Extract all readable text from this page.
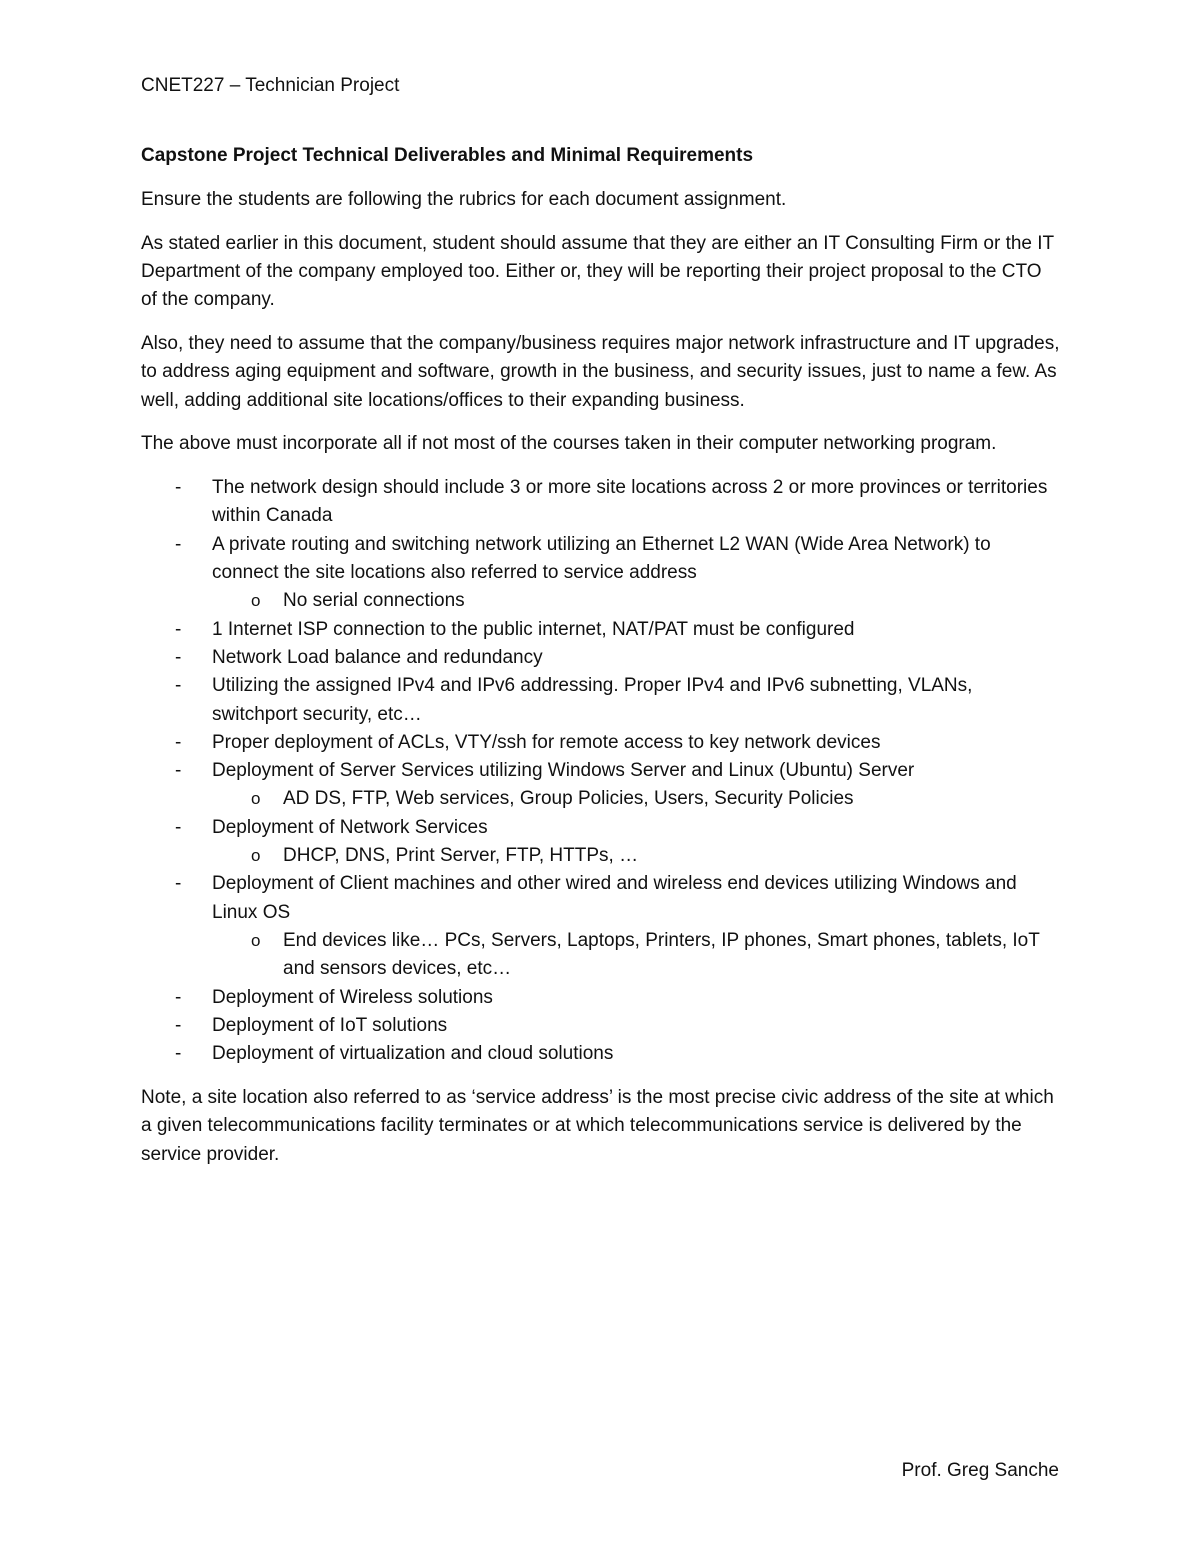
CNET227 – Technician Project

Capstone Project Technical Deliverables and Minimal Requirements

Ensure the students are following the rubrics for each document assignment.

As stated earlier in this document, student should assume that they are either an IT Consulting Firm or the IT Department of the company employed too. Either or, they will be reporting their project proposal to the CTO of the company.

Also, they need to assume that the company/business requires major network infrastructure and IT upgrades, to address aging equipment and software, growth in the business, and security issues, just to name a few. As well, adding additional site locations/offices to their expanding business.

The above must incorporate all if not most of the courses taken in their computer networking program.

- The network design should include 3 or more site locations across 2 or more provinces or territories within Canada
- A private routing and switching network utilizing an Ethernet L2 WAN (Wide Area Network) to connect the site locations also referred to service address
o No serial connections
- 1 Internet ISP connection to the public internet, NAT/PAT must be configured
- Network Load balance and redundancy
- Utilizing the assigned IPv4 and IPv6 addressing. Proper IPv4 and IPv6 subnetting, VLANs, switchport security, etc…
- Proper deployment of ACLs, VTY/ssh for remote access to key network devices
- Deployment of Server Services utilizing Windows Server and Linux (Ubuntu) Server
o AD DS, FTP, Web services, Group Policies, Users, Security Policies
- Deployment of Network Services
o DHCP, DNS, Print Server, FTP, HTTPs, …
- Deployment of Client machines and other wired and wireless end devices utilizing Windows and Linux OS
o End devices like… PCs, Servers, Laptops, Printers, IP phones, Smart phones, tablets, IoT and sensors devices, etc…
- Deployment of Wireless solutions
- Deployment of IoT solutions
- Deployment of virtualization and cloud solutions

Note, a site location also referred to as ‘service address’ is the most precise civic address of the site at which a given telecommunications facility terminates or at which telecommunications service is delivered by the service provider.

Prof. Greg Sanche
